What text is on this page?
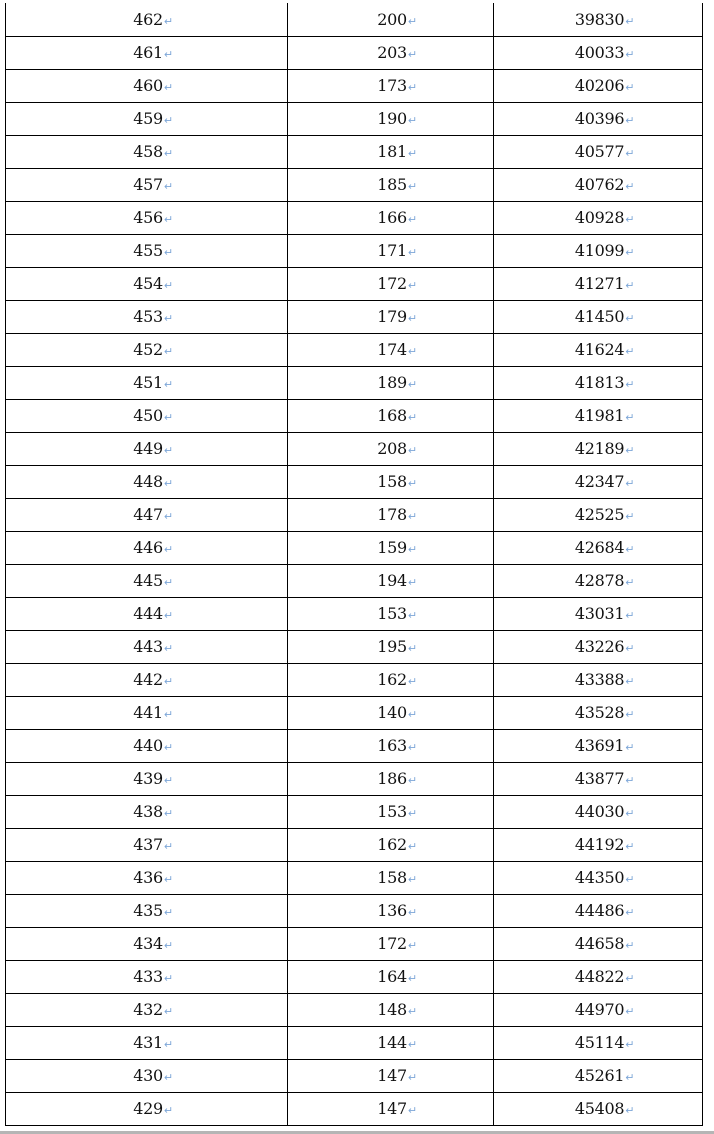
462↵	200↵	39830↵
461↵	203↵	40033↵
460↵	173↵	40206↵
459↵	190↵	40396↵
458↵	181↵	40577↵
457↵	185↵	40762↵
456↵	166↵	40928↵
455↵	171↵	41099↵
454↵	172↵	41271↵
453↵	179↵	41450↵
452↵	174↵	41624↵
451↵	189↵	41813↵
450↵	168↵	41981↵
449↵	208↵	42189↵
448↵	158↵	42347↵
447↵	178↵	42525↵
446↵	159↵	42684↵
445↵	194↵	42878↵
444↵	153↵	43031↵
443↵	195↵	43226↵
442↵	162↵	43388↵
441↵	140↵	43528↵
440↵	163↵	43691↵
439↵	186↵	43877↵
438↵	153↵	44030↵
437↵	162↵	44192↵
436↵	158↵	44350↵
435↵	136↵	44486↵
434↵	172↵	44658↵
433↵	164↵	44822↵
432↵	148↵	44970↵
431↵	144↵	45114↵
430↵	147↵	45261↵
429↵	147↵	45408↵
